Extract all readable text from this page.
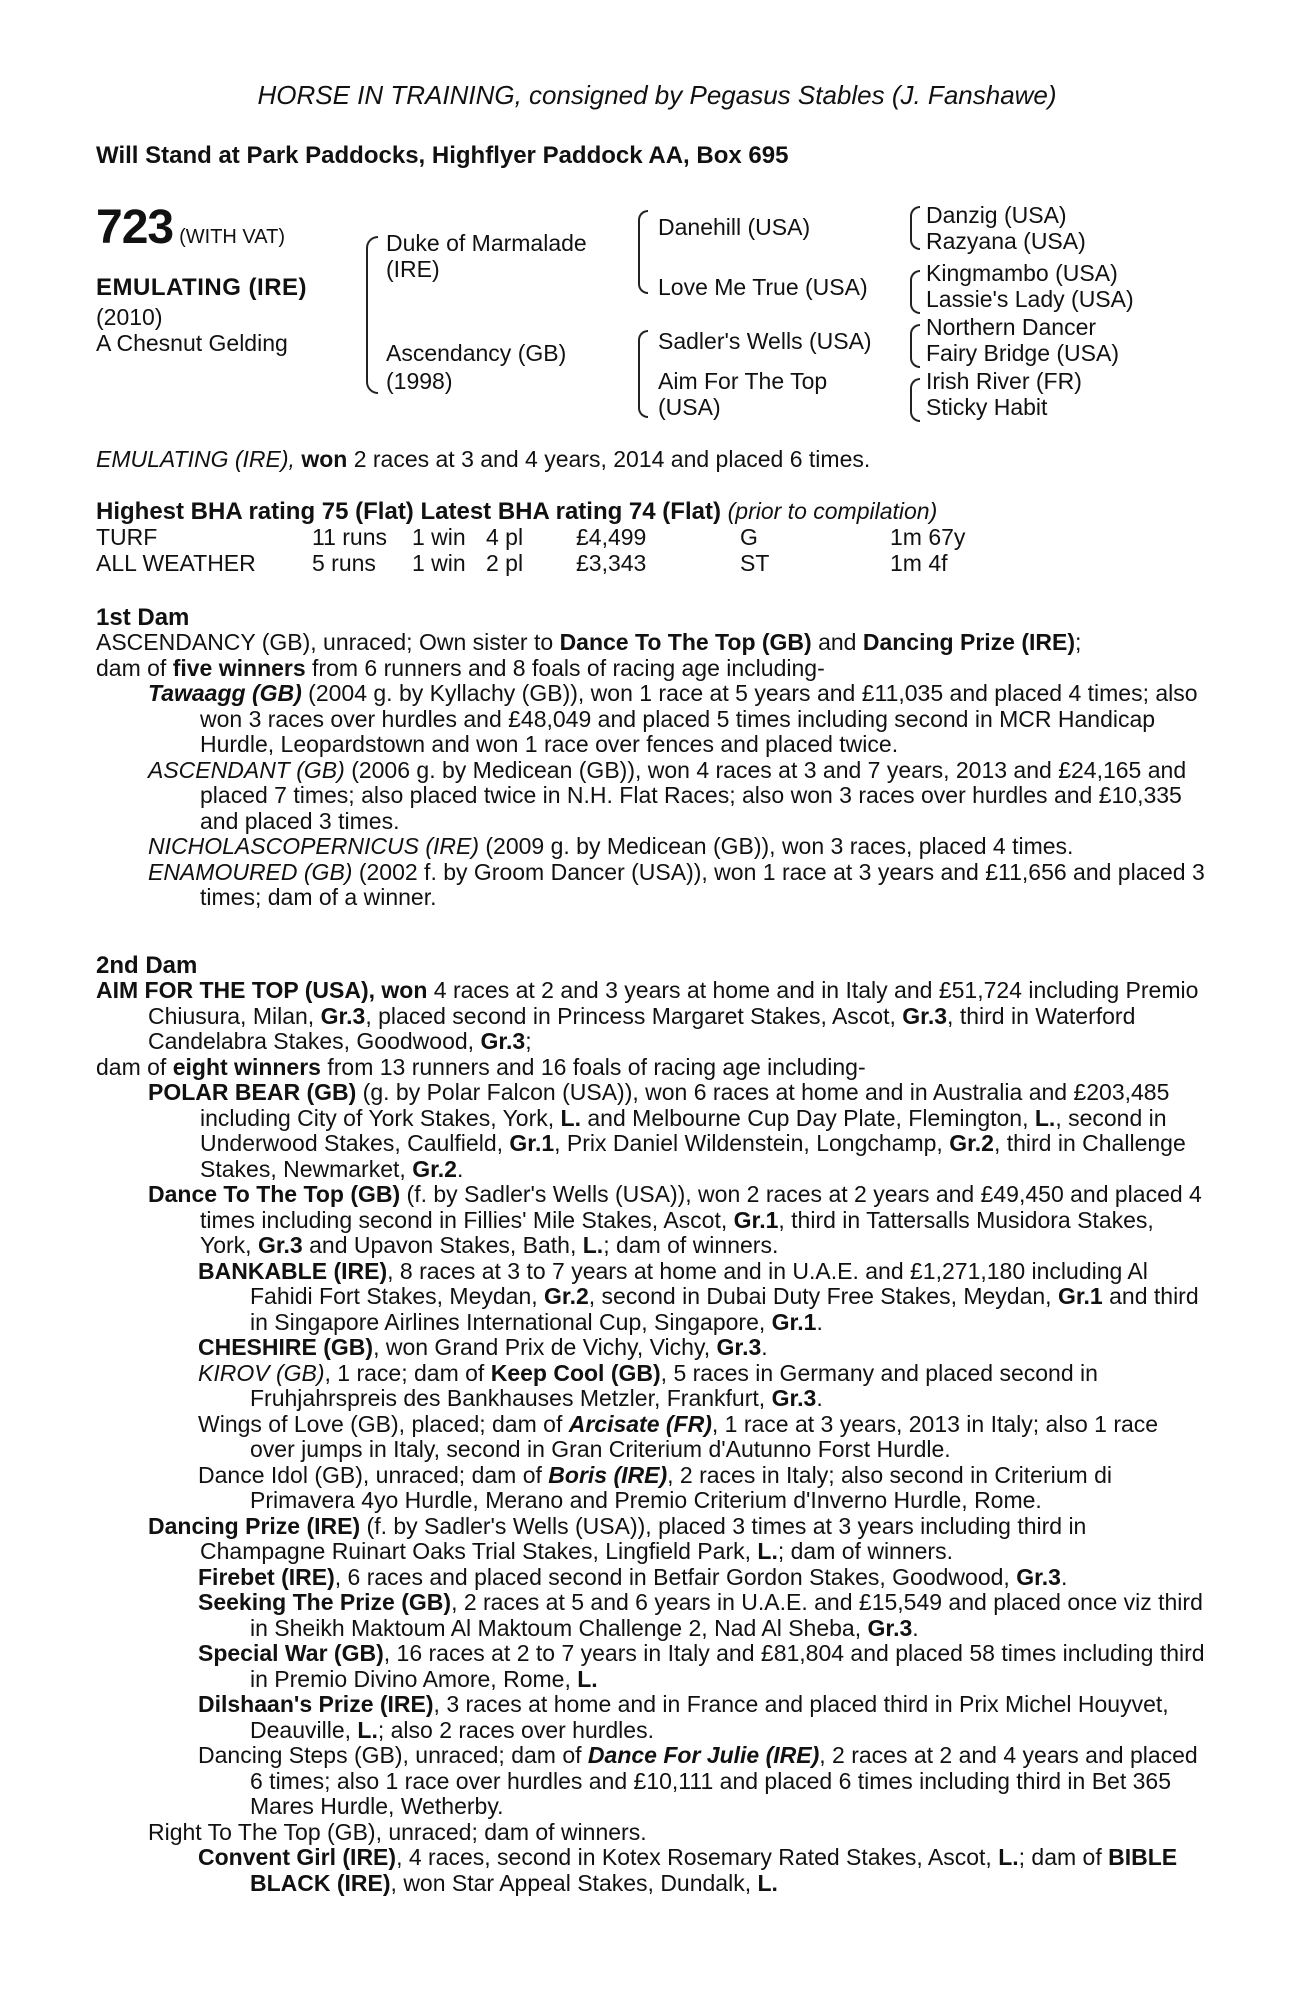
HORSE IN TRAINING, consigned by Pegasus Stables (J. Fanshawe)
Will Stand at Park Paddocks, Highflyer Paddock AA, Box 695
723 (WITH VAT)
EMULATING (IRE)
(2010)
A Chesnut Gelding
Duke of Marmalade
(IRE)
Ascendancy (GB)
(1998)
Danehill (USA)
Love Me True (USA)
Sadler's Wells (USA)
Aim For The Top
(USA)
Danzig (USA)
Razyana (USA)
Kingmambo (USA)
Lassie's Lady (USA)
Northern Dancer
Fairy Bridge (USA)
Irish River (FR)
Sticky Habit
EMULATING (IRE), won 2 races at 3 and 4 years, 2014 and placed 6 times.
Highest BHA rating 75 (Flat) Latest BHA rating 74 (Flat) (prior to compilation)
TURF	11 runs 1 win 4 pl £4,499	G	1m 67y
ALL WEATHER 5 runs 1 win 2 pl £3,343	ST	1m 4f
1st Dam

ASCENDANCY (GB), unraced; Own sister to Dance To The Top (GB) and Dancing Prize (IRE);

dam of five winners from 6 runners and 8 foals of racing age including-

Tawaagg (GB) (2004 g. by Kyllachy (GB)), won 1 race at 5 years and £11,035 and placed 4 times; also won 3 races over hurdles and £48,049 and placed 5 times including second in MCR Handicap Hurdle, Leopardstown and won 1 race over fences and placed twice.

ASCENDANT (GB) (2006 g. by Medicean (GB)), won 4 races at 3 and 7 years, 2013 and £24,165 and placed 7 times; also placed twice in N.H. Flat Races; also won 3 races over hurdles and £10,335 and placed 3 times.

NICHOLASCOPERNICUS (IRE) (2009 g. by Medicean (GB)), won 3 races, placed 4 times.

ENAMOURED (GB) (2002 f. by Groom Dancer (USA)), won 1 race at 3 years and £11,656 and placed 3 times; dam of a winner.

2nd Dam

AIM FOR THE TOP (USA), won 4 races at 2 and 3 years at home and in Italy and £51,724 including Premio Chiusura, Milan, Gr.3, placed second in Princess Margaret Stakes, Ascot, Gr.3, third in Waterford Candelabra Stakes, Goodwood, Gr.3;

dam of eight winners from 13 runners and 16 foals of racing age including-

POLAR BEAR (GB) (g. by Polar Falcon (USA)), won 6 races at home and in Australia and £203,485 including City of York Stakes, York, L. and Melbourne Cup Day Plate, Flemington, L., second in Underwood Stakes, Caulfield, Gr.1, Prix Daniel Wildenstein, Longchamp, Gr.2, third in Challenge Stakes, Newmarket, Gr.2.

Dance To The Top (GB) (f. by Sadler's Wells (USA)), won 2 races at 2 years and £49,450 and placed 4 times including second in Fillies' Mile Stakes, Ascot, Gr.1, third in Tattersalls Musidora Stakes, York, Gr.3 and Upavon Stakes, Bath, L.; dam of winners.

BANKABLE (IRE), 8 races at 3 to 7 years at home and in U.A.E. and £1,271,180 including Al Fahidi Fort Stakes, Meydan, Gr.2, second in Dubai Duty Free Stakes, Meydan, Gr.1 and third in Singapore Airlines International Cup, Singapore, Gr.1.

CHESHIRE (GB), won Grand Prix de Vichy, Vichy, Gr.3.

KIROV (GB), 1 race; dam of Keep Cool (GB), 5 races in Germany and placed second in Fruhjahrspreis des Bankhauses Metzler, Frankfurt, Gr.3.

Wings of Love (GB), placed; dam of Arcisate (FR), 1 race at 3 years, 2013 in Italy; also 1 race over jumps in Italy, second in Gran Criterium d'Autunno Forst Hurdle.

Dance Idol (GB), unraced; dam of Boris (IRE), 2 races in Italy; also second in Criterium di Primavera 4yo Hurdle, Merano and Premio Criterium d'Inverno Hurdle, Rome.

Dancing Prize (IRE) (f. by Sadler's Wells (USA)), placed 3 times at 3 years including third in Champagne Ruinart Oaks Trial Stakes, Lingfield Park, L.; dam of winners.

Firebet (IRE), 6 races and placed second in Betfair Gordon Stakes, Goodwood, Gr.3.

Seeking The Prize (GB), 2 races at 5 and 6 years in U.A.E. and £15,549 and placed once viz third in Sheikh Maktoum Al Maktoum Challenge 2, Nad Al Sheba, Gr.3.

Special War (GB), 16 races at 2 to 7 years in Italy and £81,804 and placed 58 times including third in Premio Divino Amore, Rome, L.

Dilshaan's Prize (IRE), 3 races at home and in France and placed third in Prix Michel Houyvet, Deauville, L.; also 2 races over hurdles.

Dancing Steps (GB), unraced; dam of Dance For Julie (IRE), 2 races at 2 and 4 years and placed 6 times; also 1 race over hurdles and £10,111 and placed 6 times including third in Bet 365 Mares Hurdle, Wetherby.

Right To The Top (GB), unraced; dam of winners.

Convent Girl (IRE), 4 races, second in Kotex Rosemary Rated Stakes, Ascot, L.; dam of BIBLE BLACK (IRE), won Star Appeal Stakes, Dundalk, L.
